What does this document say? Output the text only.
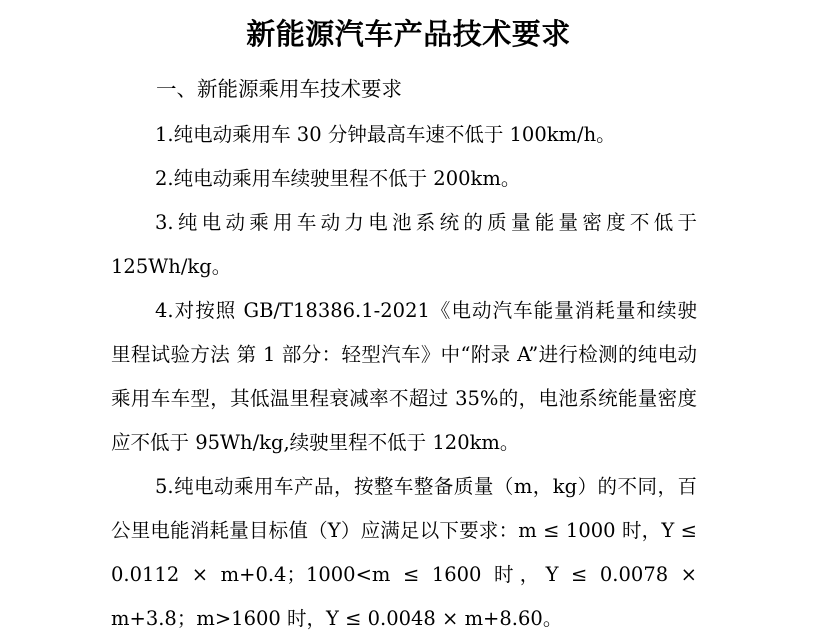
新能源汽车产品技术要求
一、新能源乘用车技术要求
1.纯电动乘用车 30 分钟最高车速不低于 100km/h。
2.纯电动乘用车续驶里程不低于 200km。
3.纯电动乘用车动力电池系统的质量能量密度不低于 125Wh/kg。
4.对按照 GB/T18386.1-2021《电动汽车能量消耗量和续驶里程试验方法 第 1 部分：轻型汽车》中“附录 A”进行检测的纯电动乘用车车型，其低温里程衰减率不超过 35%的，电池系统能量密度应不低于 95Wh/kg,续驶里程不低于 120km。
5.纯电动乘用车产品，按整车整备质量（m，kg）的不同，百公里电能消耗量目标值（Y）应满足以下要求：m ≤ 1000 时，Y ≤ 0.0112 × m+0.4；1000<m ≤ 1600 时，Y ≤ 0.0078 × m+3.8；m>1600 时，Y ≤ 0.0048 × m+8.60。
